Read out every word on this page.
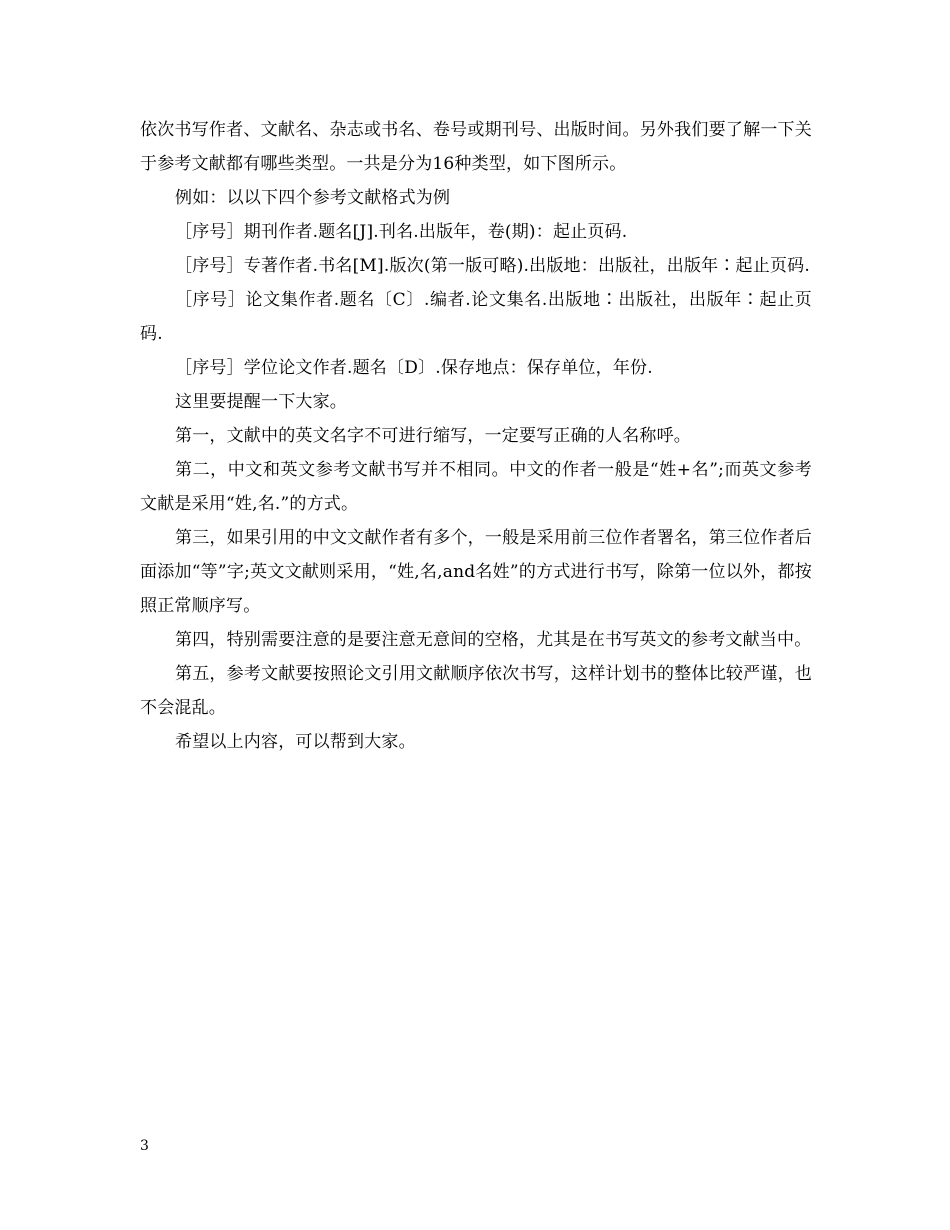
依次书写作者、文献名、杂志或书名、卷号或期刊号、出版时间。另外我们要了解一下关于参考文献都有哪些类型。一共是分为16种类型，如下图所示。

例如：以以下四个参考文献格式为例

［序号］期刊作者.题名[J].刊名.出版年，卷(期)：起止页码.

［序号］专著作者.书名[M].版次(第一版可略).出版地：出版社，出版年∶起止页码.

［序号］论文集作者.题名〔C〕.编者.论文集名.出版地∶出版社，出版年∶起止页码.

［序号］学位论文作者.题名〔D〕.保存地点：保存单位，年份.

这里要提醒一下大家。

第一，文献中的英文名字不可进行缩写，一定要写正确的人名称呼。

第二，中文和英文参考文献书写并不相同。中文的作者一般是“姓+名”;而英文参考文献是采用“姓,名.”的方式。

第三，如果引用的中文文献作者有多个，一般是采用前三位作者署名，第三位作者后面添加“等”字;英文文献则采用，“姓,名,and名姓”的方式进行书写，除第一位以外，都按照正常顺序写。

第四，特别需要注意的是要注意无意间的空格，尤其是在书写英文的参考文献当中。

第五，参考文献要按照论文引用文献顺序依次书写，这样计划书的整体比较严谨，也不会混乱。

希望以上内容，可以帮到大家。

3
